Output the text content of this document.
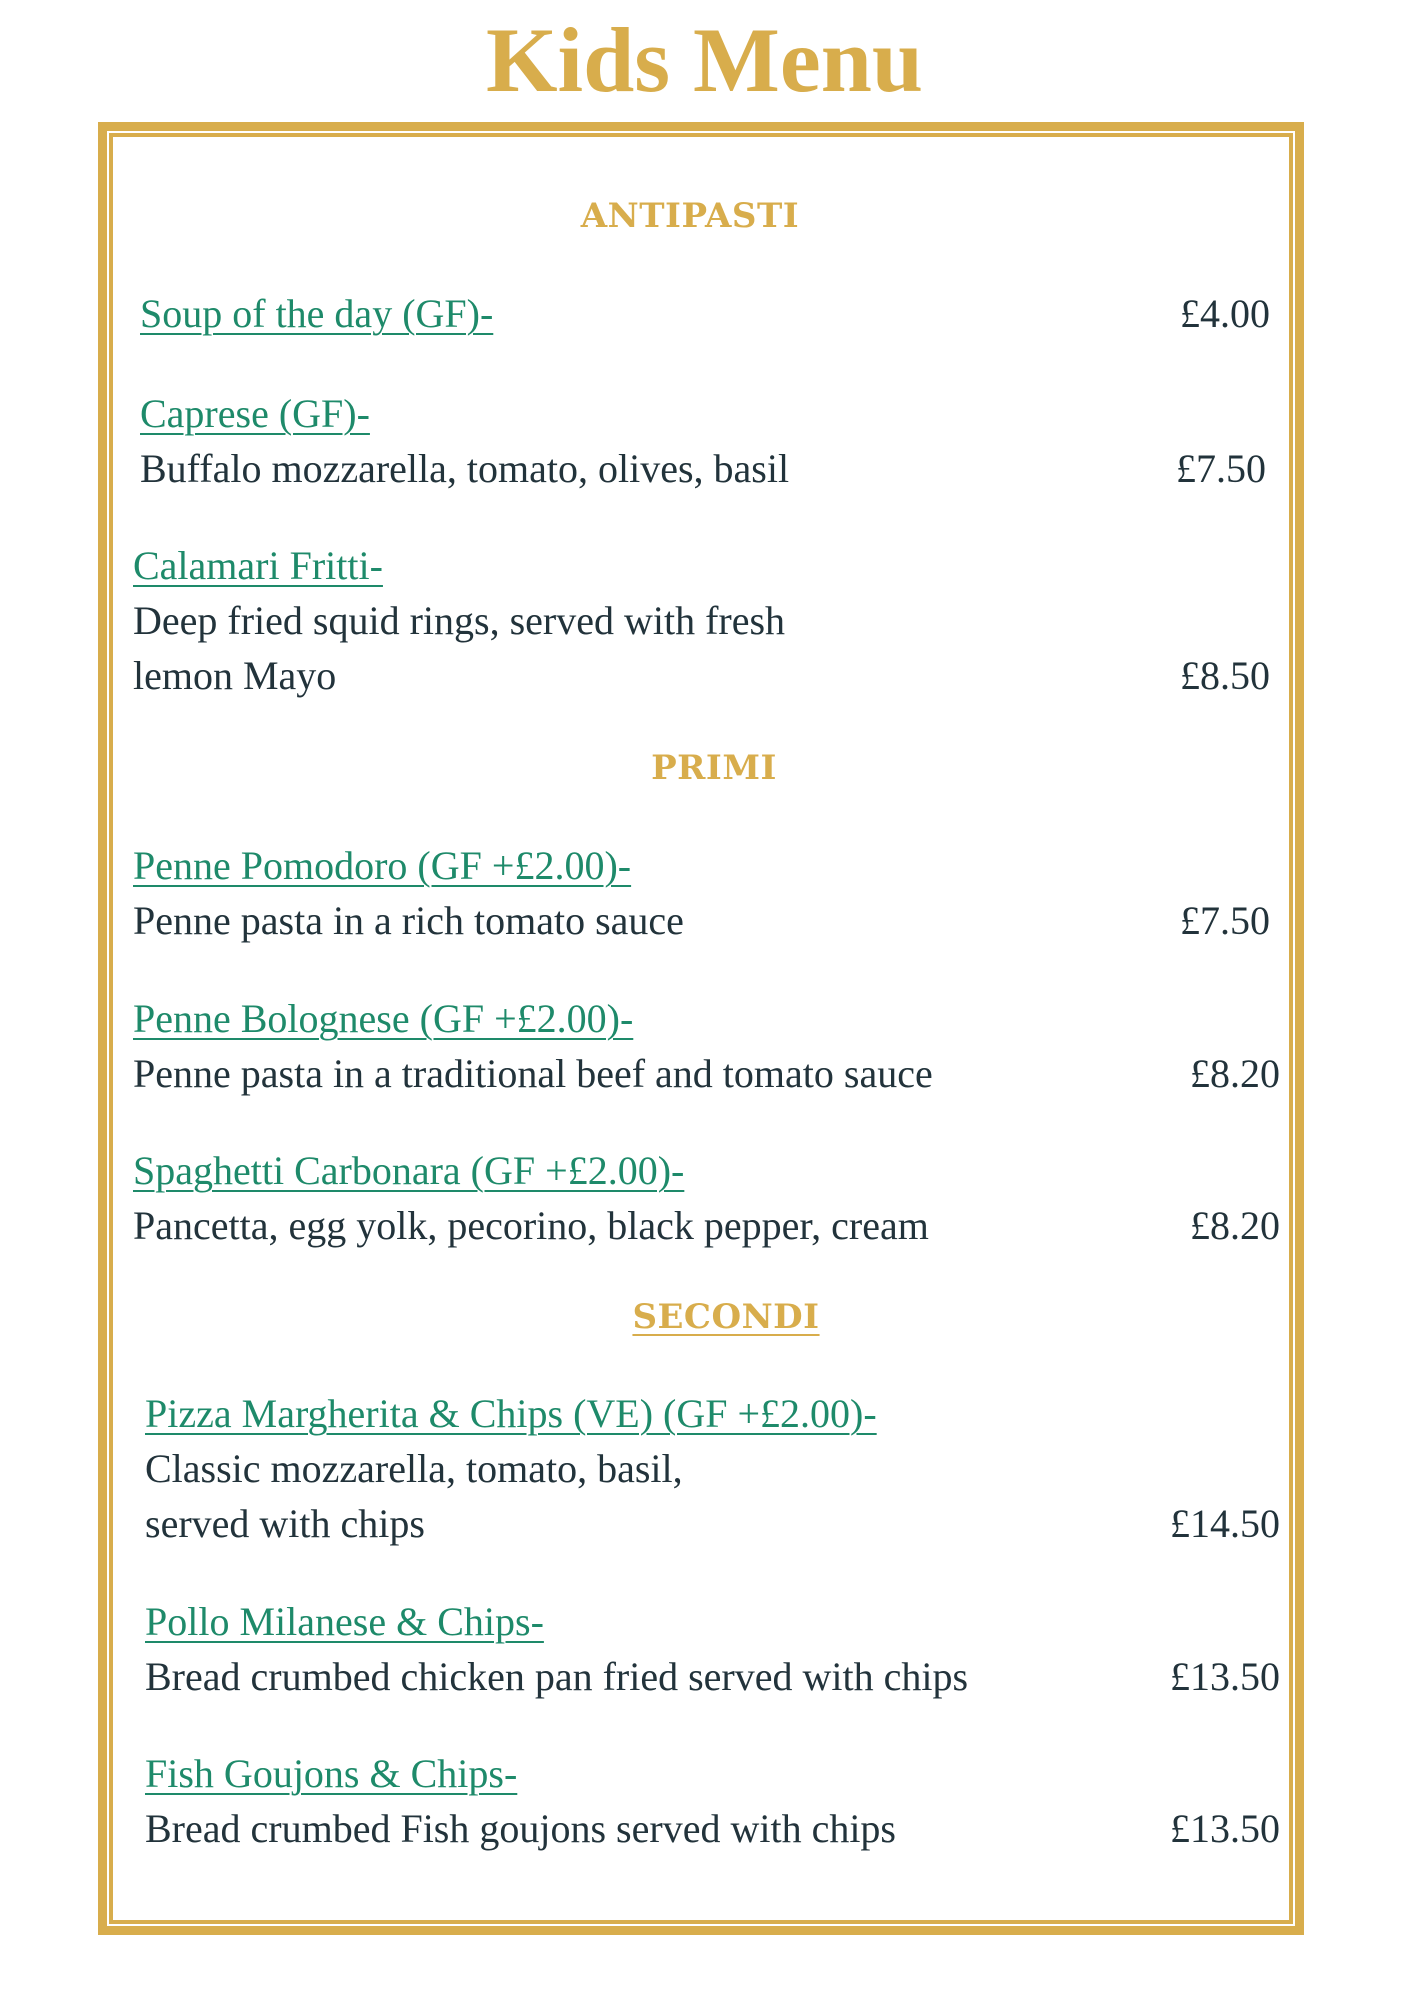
Kids Menu
ANTIPASTI
Soup of the day (GF)-	£4.00
Caprese (GF)-
Buffalo mozzarella, tomato, olives, basil	£7.50
Calamari Fritti-
Deep fried squid rings, served with fresh
lemon Mayo	£8.50
PRIMI
Penne Pomodoro (GF +£2.00)-
Penne pasta in a rich tomato sauce	£7.50
Penne Bolognese (GF +£2.00)-
Penne pasta in a traditional beef and tomato sauce	£8.20
Spaghetti Carbonara (GF +£2.00)-
Pancetta, egg yolk, pecorino, black pepper, cream	£8.20
SECONDI
Pizza Margherita & Chips (VE) (GF +£2.00)-
Classic mozzarella, tomato, basil,
served with chips	£14.50
Pollo Milanese & Chips-
Bread crumbed chicken pan fried served with chips	£13.50
Fish Goujons & Chips-
Bread crumbed Fish goujons served with chips	£13.50
